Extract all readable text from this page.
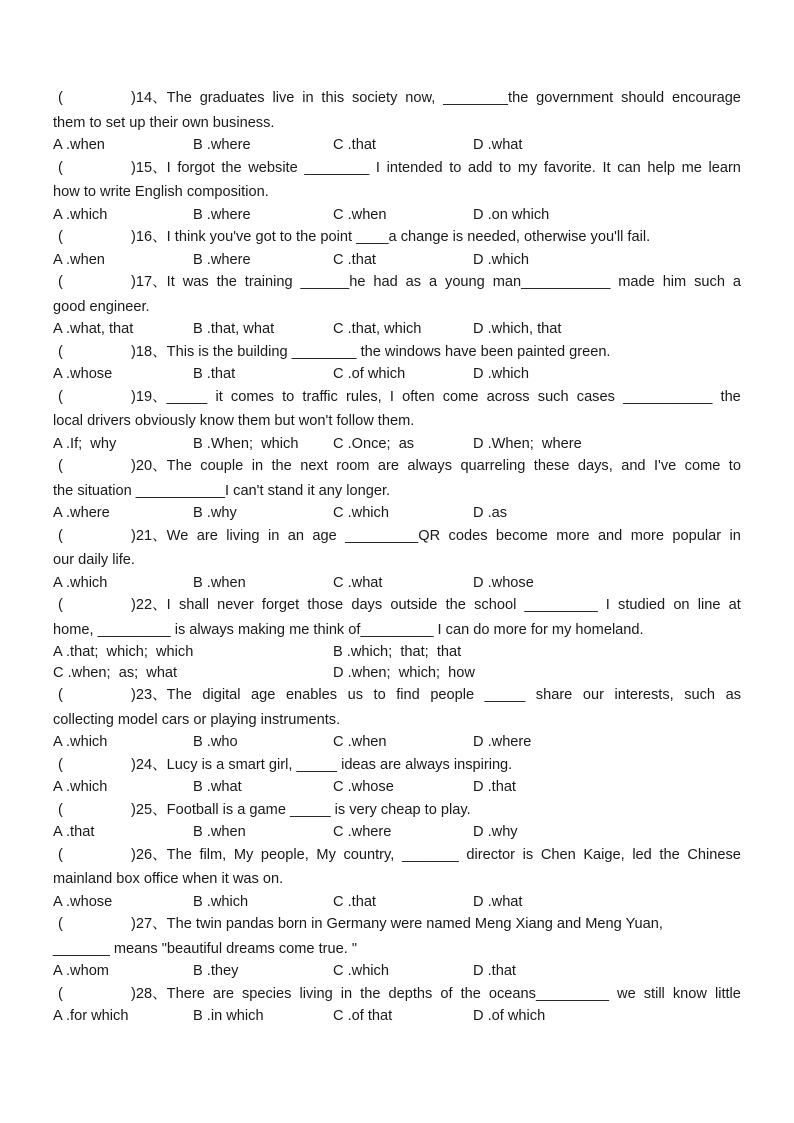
(	)14、The graduates live in this society now, ________the government should encourage
them to set up their own business.
A .when	B .where	C .that	D .what
(	)15、I forgot the website ________ I intended to add to my favorite. It can help me learn
how to write English composition.
A .which	B .where	C .when	D .on which
(	)16、I think you've got to the point ____a change is needed, otherwise you'll fail.
A .when	B .where	C .that	D .which
(	)17、It was the training ______he had as a young man___________ made him such a
good engineer.
A .what, that	B .that, what	C .that, which	D .which, that
(	)18、This is the building ________ the windows have been painted green.
A .whose	B .that	C .of which	D .which
(	)19、_____ it comes to traffic rules, I often come across such cases ___________ the
local drivers obviously know them but won't follow them.
A .If;  why	B .When;  which	C .Once;  as	D .When;  where
(	)20、The couple in the next room are always quarreling these days, and I've come to
the situation ___________I can't stand it any longer.
A .where	B .why	C .which	D .as
(	)21、We are living in an age _________QR codes become more and more popular in
our daily life.
A .which	B .when	C .what	D .whose
(	)22、I shall never forget those days outside the school _________ I studied on line at
home, _________ is always making me think of_________ I can do more for my homeland.
A .that;  which;  which	B .which;  that;  that
C .when;  as;  what	D .when;  which;  how
(	)23、The digital age enables us to find people _____ share our interests, such as
collecting model cars or playing instruments.
A .which	B .who	C .when	D .where
(	)24、Lucy is a smart girl, _____ ideas are always inspiring.
A .which	B .what	C .whose	D .that
(	)25、Football is a game _____ is very cheap to play.
A .that	B .when	C .where	D .why
(	)26、The film, My people, My country, _______ director is Chen Kaige, led the Chinese
mainland box office when it was on.
A .whose	B .which	C .that	D .what
(	)27、The twin pandas born in Germany were named Meng Xiang and Meng Yuan,
_______ means "beautiful dreams come true. "
A .whom	B .they	C .which	D .that
(	)28、There are species living in the depths of the oceans_________ we still know little
A .for which	B .in which	C .of that	D .of which
